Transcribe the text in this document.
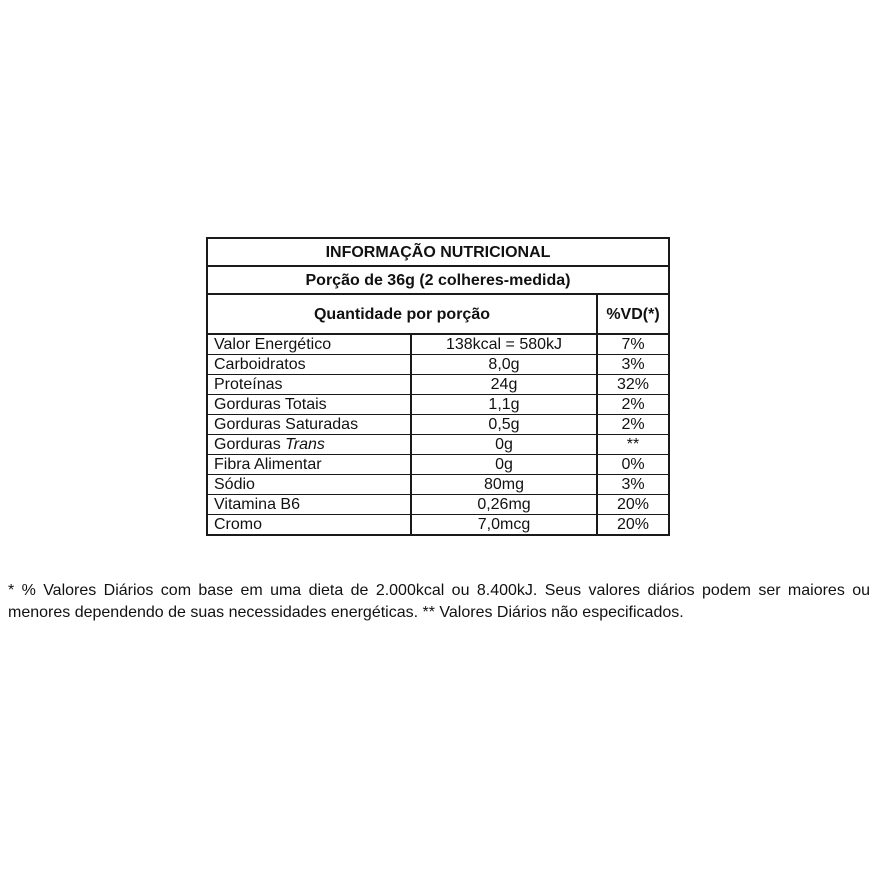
INFORMAÇÃO NUTRICIONAL		
Porção de 36g (2 colheres-medida)		
Quantidade por porção		%VD(*)
Valor Energético	138kcal = 580kJ	7%
Carboidratos	8,0g	3%
Proteínas	24g	32%
Gorduras Totais	1,1g	2%
Gorduras Saturadas	0,5g	2%
Gorduras Trans	0g	**
Fibra Alimentar	0g	0%
Sódio	80mg	3%
Vitamina B6	0,26mg	20%
Cromo	7,0mcg	20%

* % Valores Diários com base em uma dieta de 2.000kcal ou 8.400kJ. Seus valores diários podem ser maiores ou menores dependendo de suas necessidades energéticas. ** Valores Diários não especificados.
